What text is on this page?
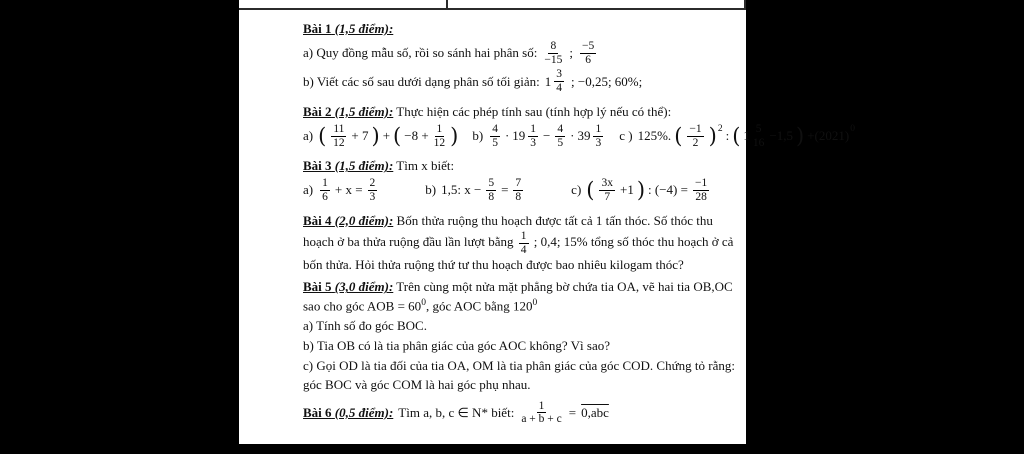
Bài 1 (1,5 điểm):
a) Quy đồng mẫu số, rồi so sánh hai phân số: $\frac{8}{-15}$ ; $\frac{-5}{6}$
b) Viết các số sau dưới dạng phân số tối giản: $1 \frac{3}{4}$ ; −0,25; 60%;
Bài 2 (1,5 điểm): Thực hiện các phép tính sau (tính hợp lý nếu có thể):
a) ( $\frac{11}{12} + 7$ ) + ( $-8 + \frac{1}{12}$ ) $b) \frac{4}{5} \cdot 19 \frac{1}{3} - \frac{4}{5} \cdot 39 \frac{1}{3}$ c ) 125%. ( $\frac{-1}{2}$ ) 2 : ( $1 \frac{5}{16} -1,5$ ) +(2021) 0
Bài 3 (1,5 điểm): Tìm x biết:
$a) \frac{1}{6} + x = \frac{2}{3}$	b) 1,5: $x - \frac{5}{8} = \frac{7}{8}$	c) ( $\frac{3x}{7} +1$ ) : $(-4) = \frac{-1}{28}$

Bài 4 (2,0 điểm): Bốn thửa ruộng thu hoạch được tất cả 1 tấn thóc. Số thóc thu hoạch ở ba thửa ruộng đầu lần lượt bằng $\frac{1}{4}$ ; 0,4; 15% tổng số thóc thu hoạch ở cả bốn thửa. Hỏi thửa ruộng thứ tư thu hoạch được bao nhiêu kilogam thóc?

Bài 5 (3,0 điểm): Trên cùng một nửa mặt phẳng bờ chứa tia OA, vẽ hai tia OB,OC sao cho góc AOB = $60^0$, góc AOC bằng $120^0$

a) Tính số đo góc BOC.

b) Tia OB có là tia phân giác của góc AOC không? Vì sao?

c) Gọi OD là tia đối của tia OA, OM là tia phân giác của góc COD. Chứng tỏ rằng: góc BOC và góc COM là hai góc phụ nhau.

Bài 6 (0,5 điểm): Tìm a, b, c ∈ N* biết: $\frac{1}{a + b + c} = 0,abc$
